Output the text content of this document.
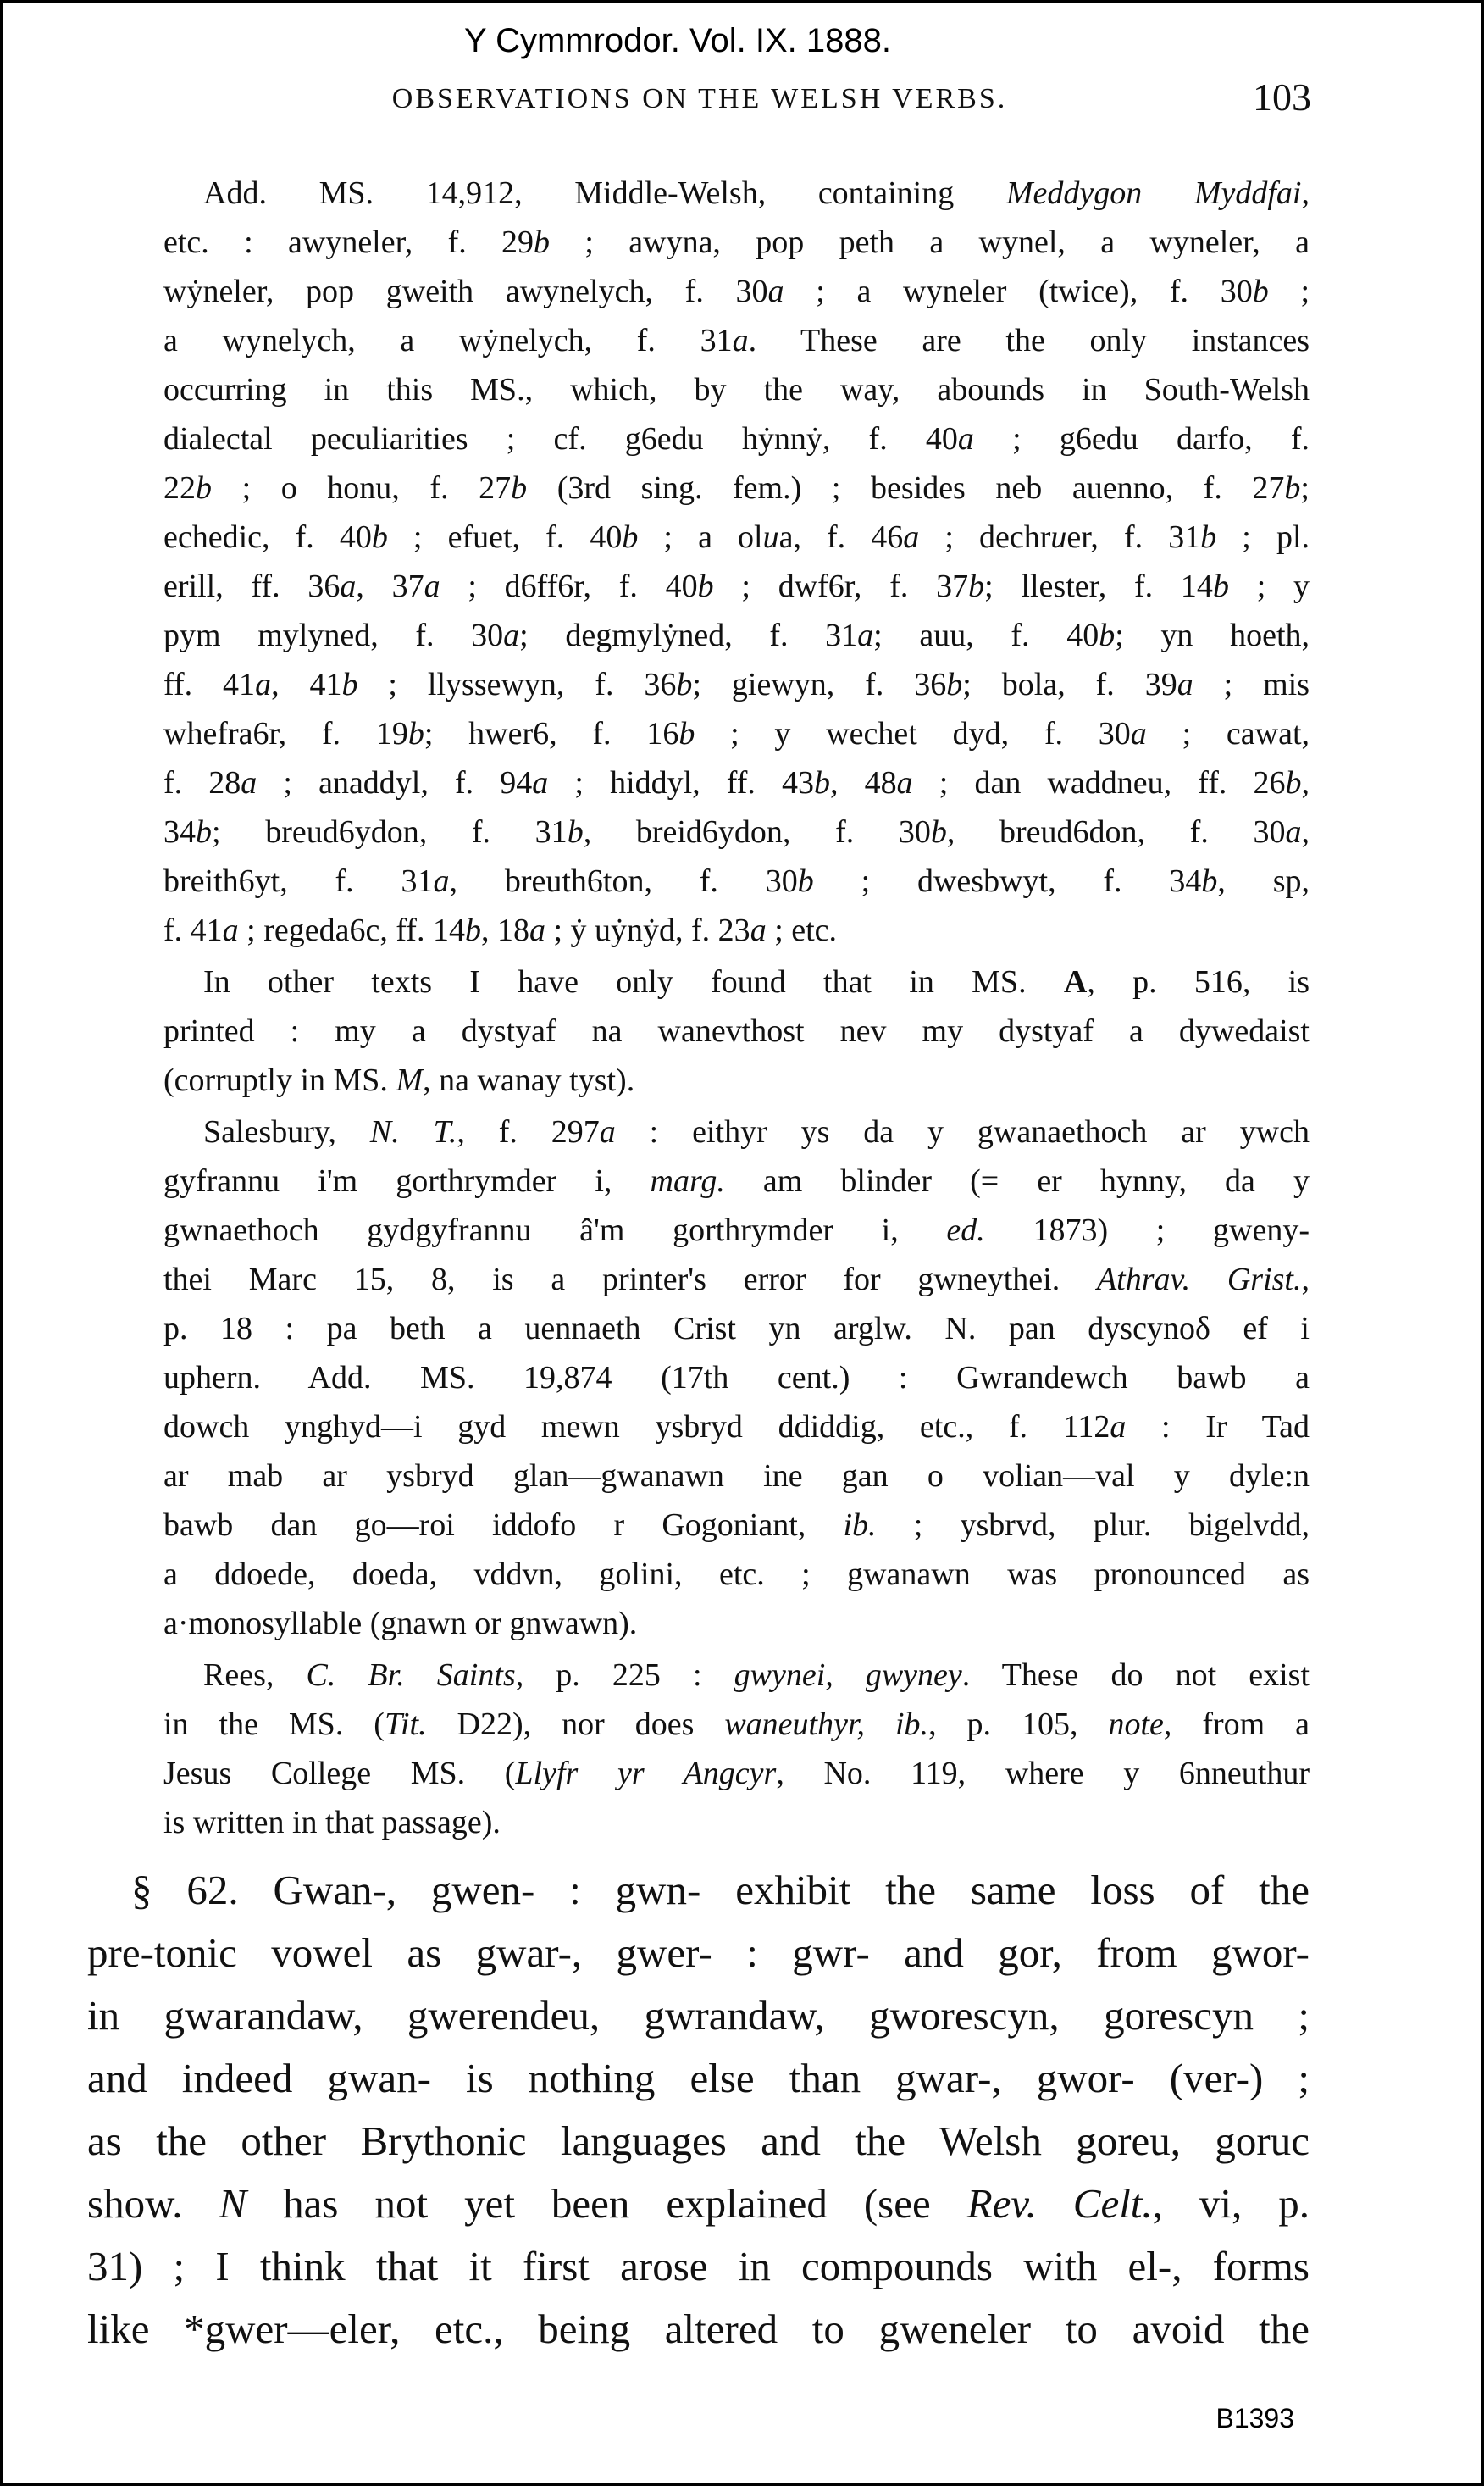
Y Cymmrodor. Vol. IX. 1888.
OBSERVATIONS ON THE WELSH VERBS.	103
Add. MS. 14,912, Middle-Welsh, containing Meddygon Myddfai,
etc. : awyneler, f. 29b ; awyna, pop peth a wynel, a wyneler, a
wẏneler, pop gweith awynelych, f. 30a ; a wyneler (twice), f. 30b ;
a wynelych, a wẏnelych, f. 31a. These are the only instances
occurring in this MS., which, by the way, abounds in South-Welsh
dialectal peculiarities ; cf. g6edu hẏnnẏ, f. 40a ; g6edu darfo, f.
22b ; o honu, f. 27b (3rd sing. fem.) ; besides neb auenno, f. 27b;
echedic, f. 40b ; efuet, f. 40b ; a olua, f. 46a ; dechruer, f. 31b ; pl.
erill, ff. 36a, 37a ; d6ff6r, f. 40b ; dwf6r, f. 37b; llester, f. 14b ; y
pym mylyned, f. 30a; degmylẏned, f. 31a; auu, f. 40b; yn hoeth,
ff. 41a, 41b ; llyssewyn, f. 36b; giewyn, f. 36b; bola, f. 39a ; mis
whefra6r, f. 19b; hwer6, f. 16b ; y wechet dyd, f. 30a ; cawat,
f. 28a ; anaddyl, f. 94a ; hiddyl, ff. 43b, 48a ; dan waddneu, ff. 26b,
34b; breud6ydon, f. 31b, breid6ydon, f. 30b, breud6don, f. 30a,
breith6yt, f. 31a, breuth6ton, f. 30b ; dwesbwyt, f. 34b, sp,
f. 41a ; regeda6c, ff. 14b, 18a ; ẏ uẏnẏd, f. 23a ; etc.
In other texts I have only found that in MS. A, p. 516, is
printed : my a dystyaf na wanevthost nev my dystyaf a dywedaist
(corruptly in MS. M, na wanay tyst).
Salesbury, N. T., f. 297a : eithyr ys da y gwanaethoch ar ywch
gyfrannu i'm gorthrymder i, marg. am blinder (= er hynny, da y
gwnaethoch gydgyfrannu â'm gorthrymder i, ed. 1873) ; gweny-
thei Marc 15, 8, is a printer's error for gwneythei. Athrav. Grist.,
p. 18 : pa beth a uennaeth Crist yn arglw. N. pan dyscynoδ ef i
uphern. Add. MS. 19,874 (17th cent.) : Gwrandewch bawb a
dowch ynghyd—i gyd mewn ysbryd ddiddig, etc., f. 112a : Ir Tad
ar mab ar ysbryd glan—gwanawn ine gan o volian—val y dyle:n
bawb dan go—roi iddofo r Gogoniant, ib. ; ysbrvd, plur. bigelvdd,
a ddoede, doeda, vddvn, golini, etc. ; gwanawn was pronounced as
a·monosyllable (gnawn or gnwawn).
Rees, C. Br. Saints, p. 225 : gwynei, gwyney. These do not exist
in the MS. (Tit. D22), nor does waneuthyr, ib., p. 105, note, from a
Jesus College MS. (Llyfr yr Angcyr, No. 119, where y 6nneuthur
is written in that passage).
§ 62. Gwan-, gwen- : gwn- exhibit the same loss of the
pre-tonic vowel as gwar-, gwer- : gwr- and gor, from gwor-
in gwarandaw, gwerendeu, gwrandaw, gworescyn, gorescyn ;
and indeed gwan- is nothing else than gwar-, gwor- (ver-) ;
as the other Brythonic languages and the Welsh goreu, goruc
show. N has not yet been explained (see Rev. Celt., vi, p.
31) ; I think that it first arose in compounds with el-, forms
like *gwer—eler, etc., being altered to gweneler to avoid the
B1393
